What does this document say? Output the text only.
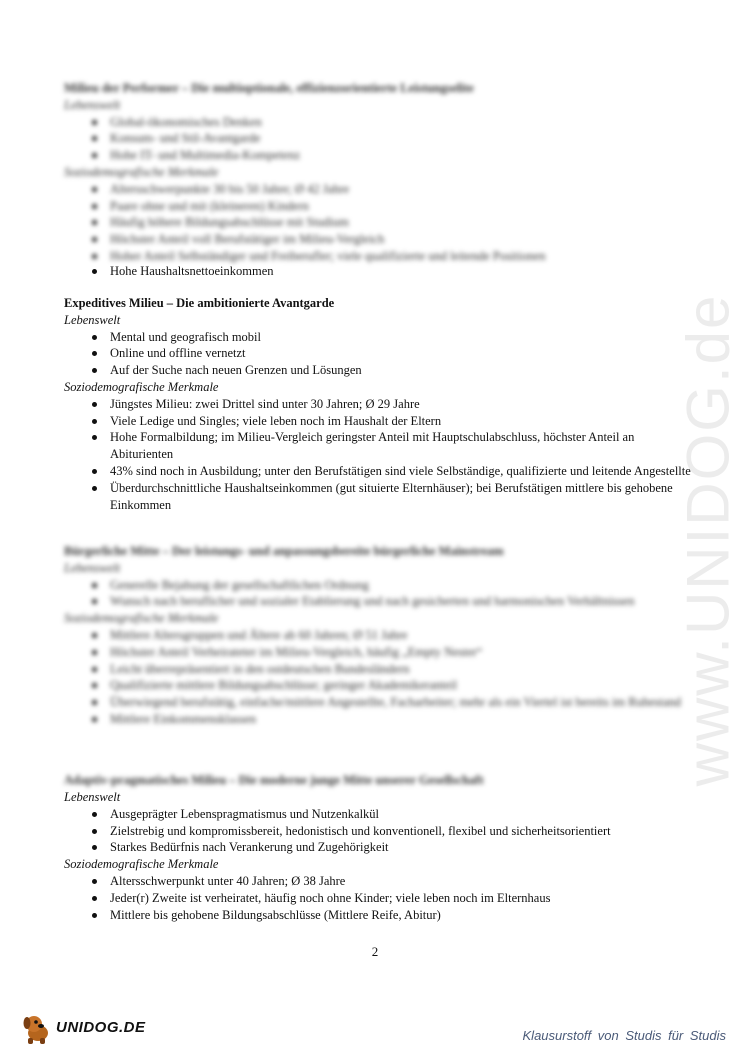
www.UNIDOG.de
Milieu der Performer – Die multioptionale, effizienzorientierte Leistungselite
Lebenswelt
Global-ökonomisches Denken
Konsum- und Stil-Avantgarde
Hohe IT- und Multimedia-Kompetenz
Soziodemografische Merkmale
Altersschwerpunkte 30 bis 50 Jahre; Ø 42 Jahre
Paare ohne und mit (kleineren) Kindern
Häufig höhere Bildungsabschlüsse mit Studium
Höchster Anteil voll Berufstätiger im Milieu-Vergleich
Hoher Anteil Selbständiger und Freiberufler; viele qualifizierte und leitende Positionen
Hohe Haushaltsnettoeinkommen
Expeditives Milieu – Die ambitionierte Avantgarde
Lebenswelt
Mental und geografisch mobil
Online und offline vernetzt
Auf der Suche nach neuen Grenzen und Lösungen
Soziodemografische Merkmale
Jüngstes Milieu: zwei Drittel sind unter 30 Jahren; Ø 29 Jahre
Viele Ledige und Singles; viele leben noch im Haushalt der Eltern
Hohe Formalbildung; im Milieu-Vergleich geringster Anteil mit Hauptschulabschluss, höchster Anteil an Abiturienten
43% sind noch in Ausbildung; unter den Berufstätigen sind viele Selbständige, qualifizierte und leitende Angestellte
Überdurchschnittliche Haushaltseinkommen (gut situierte Elternhäuser); bei Berufstätigen mittlere bis gehobene Einkommen
Bürgerliche Mitte – Der leistungs- und anpassungsbereite bürgerliche Mainstream
Lebenswelt
Generelle Bejahung der gesellschaftlichen Ordnung
Wunsch nach beruflicher und sozialer Etablierung und nach gesicherten und harmonischen Verhältnissen
Soziodemografische Merkmale
Mittlere Altersgruppen und Ältere ab 60 Jahren; Ø 51 Jahre
Höchster Anteil Verheirateter im Milieu-Vergleich, häufig „Empty Nester“
Leicht überrepräsentiert in den ostdeutschen Bundesländern
Qualifizierte mittlere Bildungsabschlüsse; geringer Akademikeranteil
Überwiegend berufstätig, einfache/mittlere Angestellte, Facharbeiter; mehr als ein Viertel ist bereits im Ruhestand
Mittlere Einkommensklassen
Adaptiv-pragmatisches Milieu – Die moderne junge Mitte unserer Gesellschaft
Lebenswelt
Ausgeprägter Lebenspragmatismus und Nutzenkalkül
Zielstrebig und kompromissbereit, hedonistisch und konventionell, flexibel und sicherheitsorientiert
Starkes Bedürfnis nach Verankerung und Zugehörigkeit
Soziodemografische Merkmale
Altersschwerpunkt unter 40 Jahren; Ø 38 Jahre
Jeder(r) Zweite ist verheiratet, häufig noch ohne Kinder; viele leben noch im Elternhaus
Mittlere bis gehobene Bildungsabschlüsse (Mittlere Reife, Abitur)
2
UNIDOG.DE	Klausurstoff von Studis für Studis
